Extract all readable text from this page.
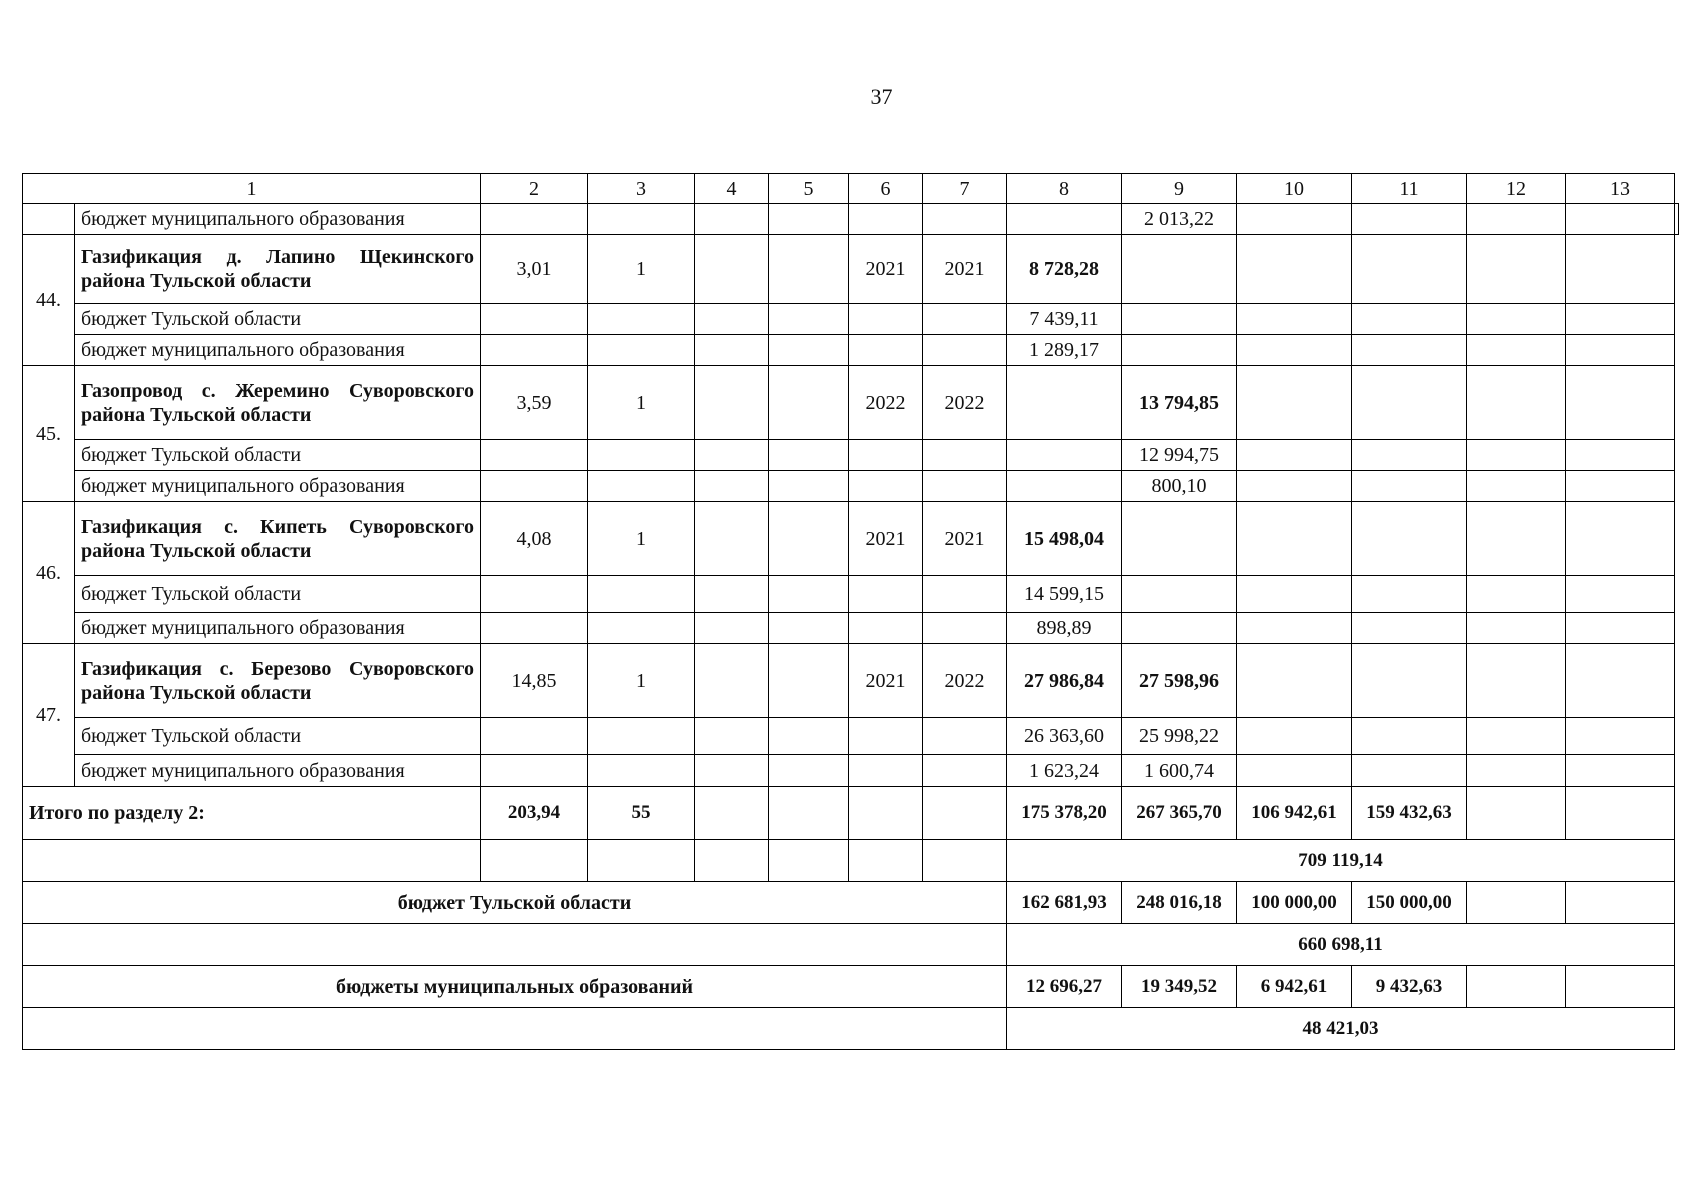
37
1		2	3	4	5	6	7	8	9	10	11	12	13	
	бюджет муниципального образования								2 013,22					
44.	Газификация д. Лапино Щекинского района Тульской области	3,01	1			2021	2021	8 728,28						
	бюджет Тульской области							7 439,11						
	бюджет муниципального образования							1 289,17						
45.	Газопровод с. Жеремино Суворовского района Тульской области	3,59	1			2022	2022		13 794,85					
	бюджет Тульской области								12 994,75					
	бюджет муниципального образования								800,10					
46.	Газификация с. Кипеть Суворовского района Тульской области	4,08	1			2021	2021	15 498,04						
	бюджет Тульской области							14 599,15						
	бюджет муниципального образования							898,89						
47.	Газификация с. Березово Суворовского района Тульской области	14,85	1			2021	2022	27 986,84	27 598,96					
	бюджет Тульской области							26 363,60	25 998,22					
	бюджет муниципального образования							1 623,24	1 600,74					
Итого по разделу 2:		203,94	55					175 378,20	267 365,70	106 942,61	159 432,63			
								709 119,14						
бюджет Тульской области								162 681,93	248 016,18	100 000,00	150 000,00			
								660 698,11						
бюджеты муниципальных образований								12 696,27	19 349,52	6 942,61	9 432,63			
								48 421,03						
